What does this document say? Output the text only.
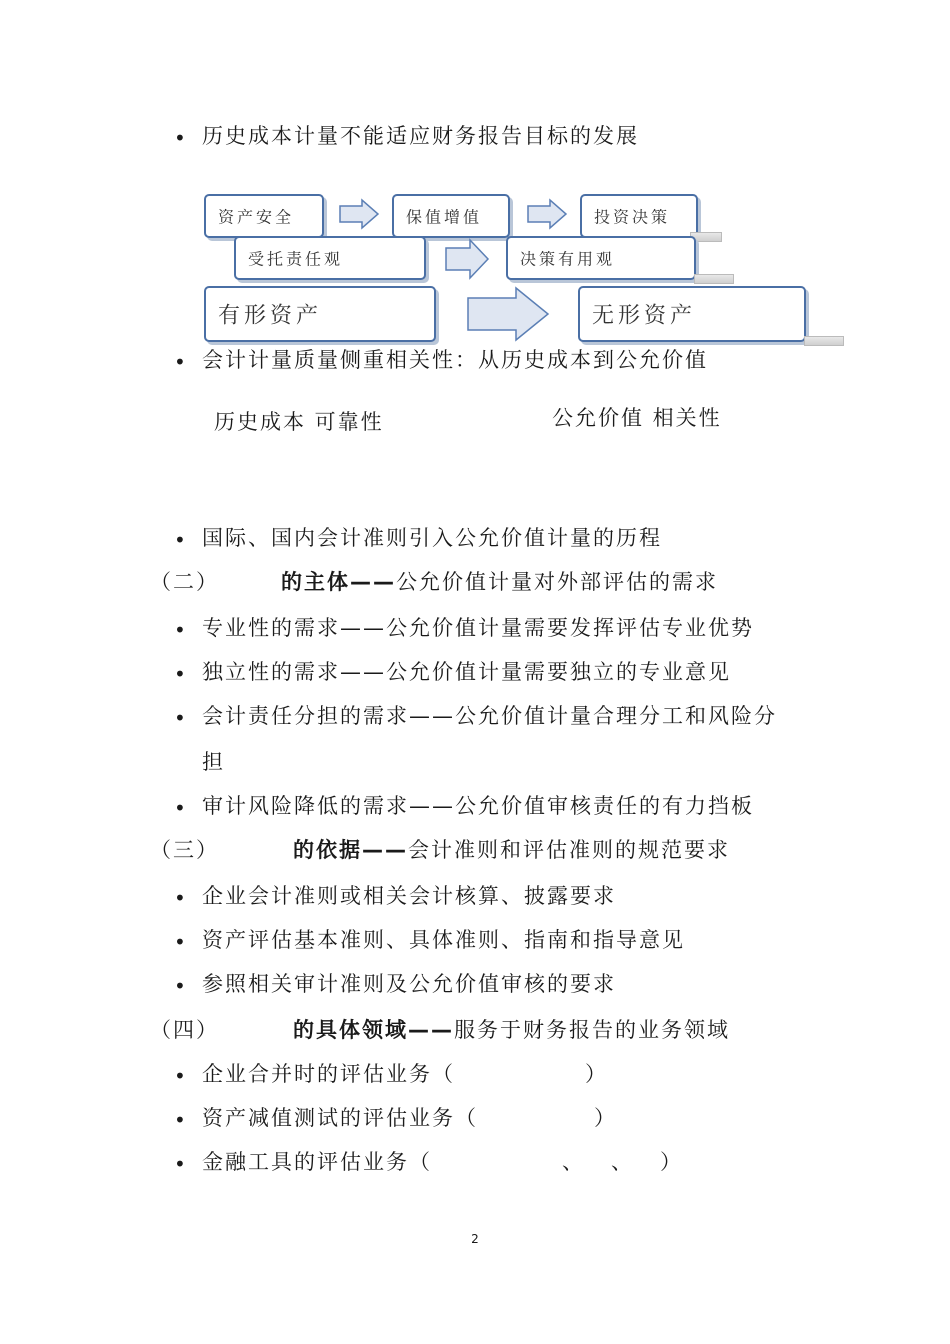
• 历史成本计量不能适应财务报告目标的发展
资产安全	保值增值	投资决策
受托责任观	决策有用观
有形资产	无形资产
• 会计计量质量侧重相关性：从历史成本到公允价值
历史成本 可靠性	公允价值 相关性
• 国际、国内会计准则引入公允价值计量的历程
（二）	的主体——公允价值计量对外部评估的需求
• 专业性的需求——公允价值计量需要发挥评估专业优势
• 独立性的需求——公允价值计量需要独立的专业意见
• 会计责任分担的需求——公允价值计量合理分工和风险分
担
• 审计风险降低的需求——公允价值审核责任的有力挡板
（三）	的依据——会计准则和评估准则的规范要求
• 企业会计准则或相关会计核算、披露要求
• 资产评估基本准则、具体准则、指南和指导意见
• 参照相关审计准则及公允价值审核的要求
（四）	的具体领域——服务于财务报告的业务领域
• 企业合并时的评估业务（	）
• 资产减值测试的评估业务（	）
• 金融工具的评估业务（	、 、 ）
2
